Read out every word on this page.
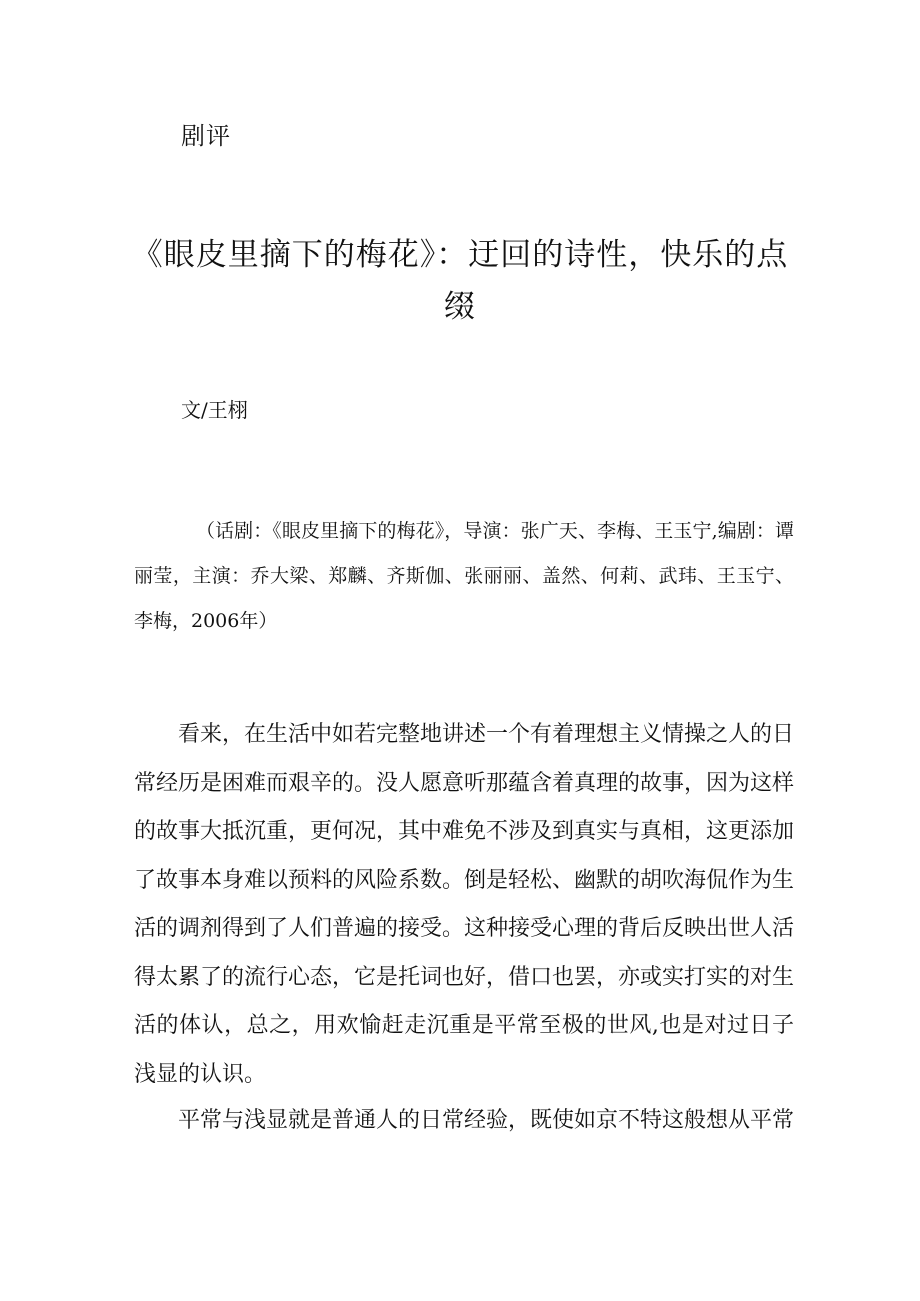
剧评
《眼皮里摘下的梅花》：迂回的诗性，快乐的点缀
文/王栩

（话剧：《眼皮里摘下的梅花》，导演：张广天、李梅、王玉宁,编剧：谭丽莹，主演：乔大梁、郑麟、齐斯伽、张丽丽、盖然、何莉、武玮、王玉宁、李梅，2006年）

看来，在生活中如若完整地讲述一个有着理想主义情操之人的日常经历是困难而艰辛的。没人愿意听那蕴含着真理的故事，因为这样的故事大抵沉重，更何况，其中难免不涉及到真实与真相，这更添加了故事本身难以预料的风险系数。倒是轻松、幽默的胡吹海侃作为生活的调剂得到了人们普遍的接受。这种接受心理的背后反映出世人活得太累了的流行心态，它是托词也好，借口也罢，亦或实打实的对生活的体认，总之，用欢愉赶走沉重是平常至极的世风,也是对过日子浅显的认识。

平常与浅显就是普通人的日常经验，既使如京不特这般想从平常
